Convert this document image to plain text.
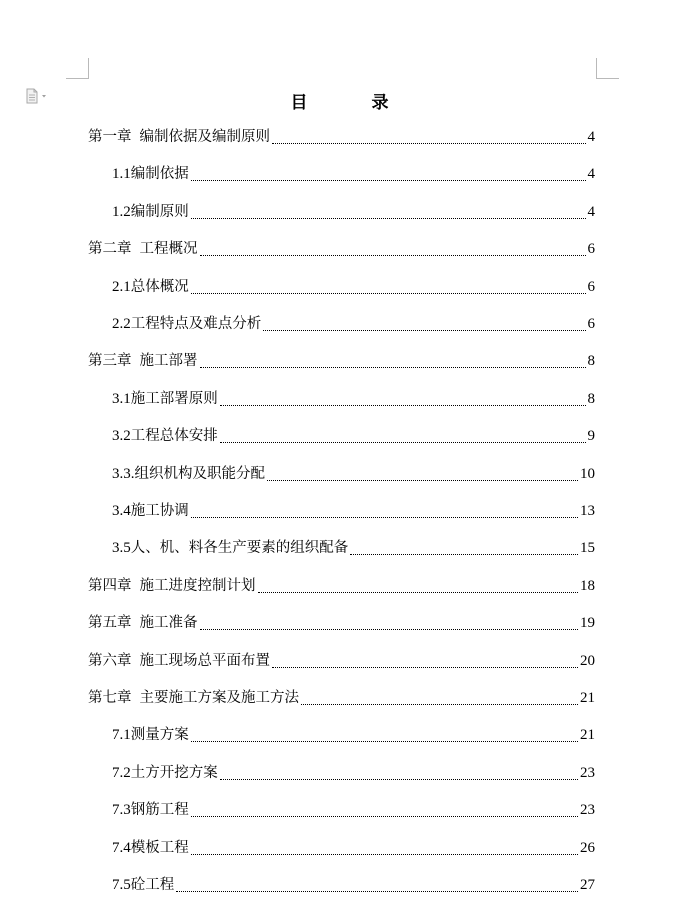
目	录
第一章 编制依据及编制原则	4
1.1编制依据	4
1.2编制原则	4
第二章 工程概况	6
2.1总体概况	6
2.2工程特点及难点分析	6
第三章 施工部署	8
3.1施工部署原则	8
3.2工程总体安排	9
3.3.组织机构及职能分配	10
3.4施工协调	13
3.5人、机、料各生产要素的组织配备	15
第四章 施工进度控制计划	18
第五章 施工准备	19
第六章 施工现场总平面布置	20
第七章 主要施工方案及施工方法	21
7.1测量方案	21
7.2土方开挖方案	23
7.3钢筋工程	23
7.4模板工程	26
7.5砼工程	27
